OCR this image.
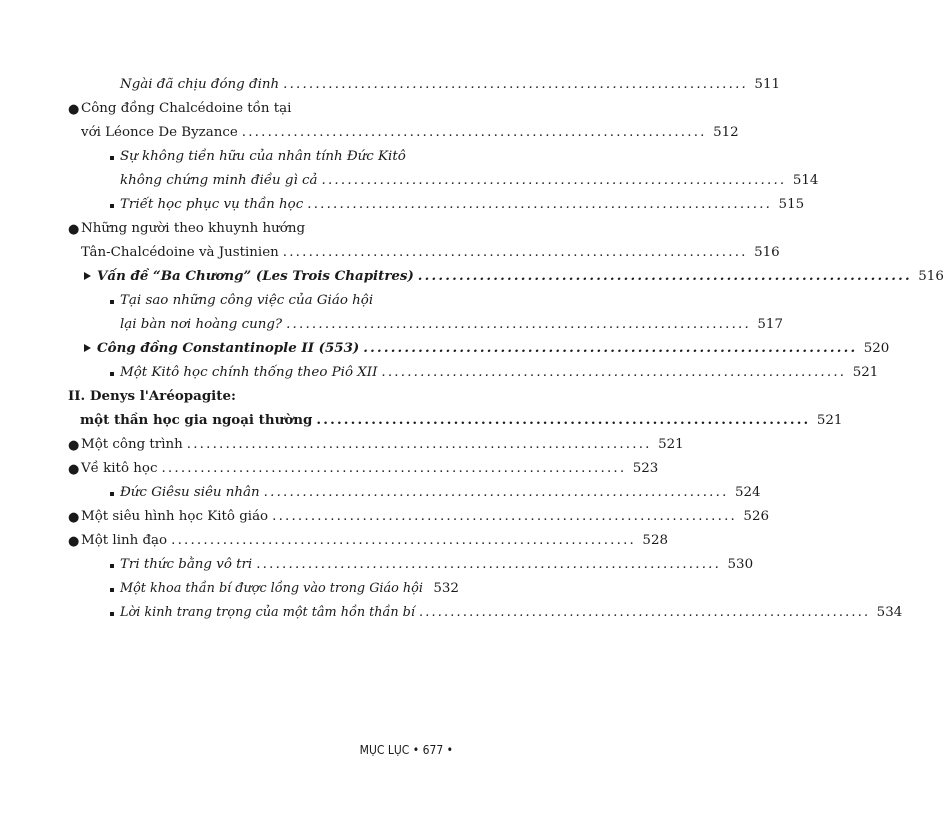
Ngài đã chịu đóng đinh ........................................................................ 511
● Công đồng Chalcédoine tồn tại
với Léonce De Byzance ........................................................................ 512
Sự không tiền hữu của nhân tính Đức Kitô
không chứng minh điều gì cả ........................................................................ 514
Triết học phục vụ thần học ........................................................................ 515
● Những người theo khuynh hướng
Tân-Chalcédoine và Justinien ........................................................................ 516
Vấn đề “Ba Chương” (Les Trois Chapitres) ........................................................................ 516
Tại sao những công việc của Giáo hội
lại bàn nơi hoàng cung? ........................................................................ 517
Công đồng Constantinople II (553) ........................................................................ 520
Một Kitô học chính thống theo Piô XII ........................................................................ 521
II. Denys l'Aréopagite:
một thần học gia ngoại thường ........................................................................ 521
● Một công trình ........................................................................ 521
● Về kitô học ........................................................................ 523
Đức Giêsu siêu nhân ........................................................................ 524
● Một siêu hình học Kitô giáo ........................................................................ 526
● Một linh đạo ........................................................................ 528
Tri thức bằng vô tri ........................................................................ 530
Một khoa thần bí được lồng vào trong Giáo hội 532
Lời kinh trang trọng của một tâm hồn thần bí ........................................................................ 534
MỤC LỤC • 677 •
